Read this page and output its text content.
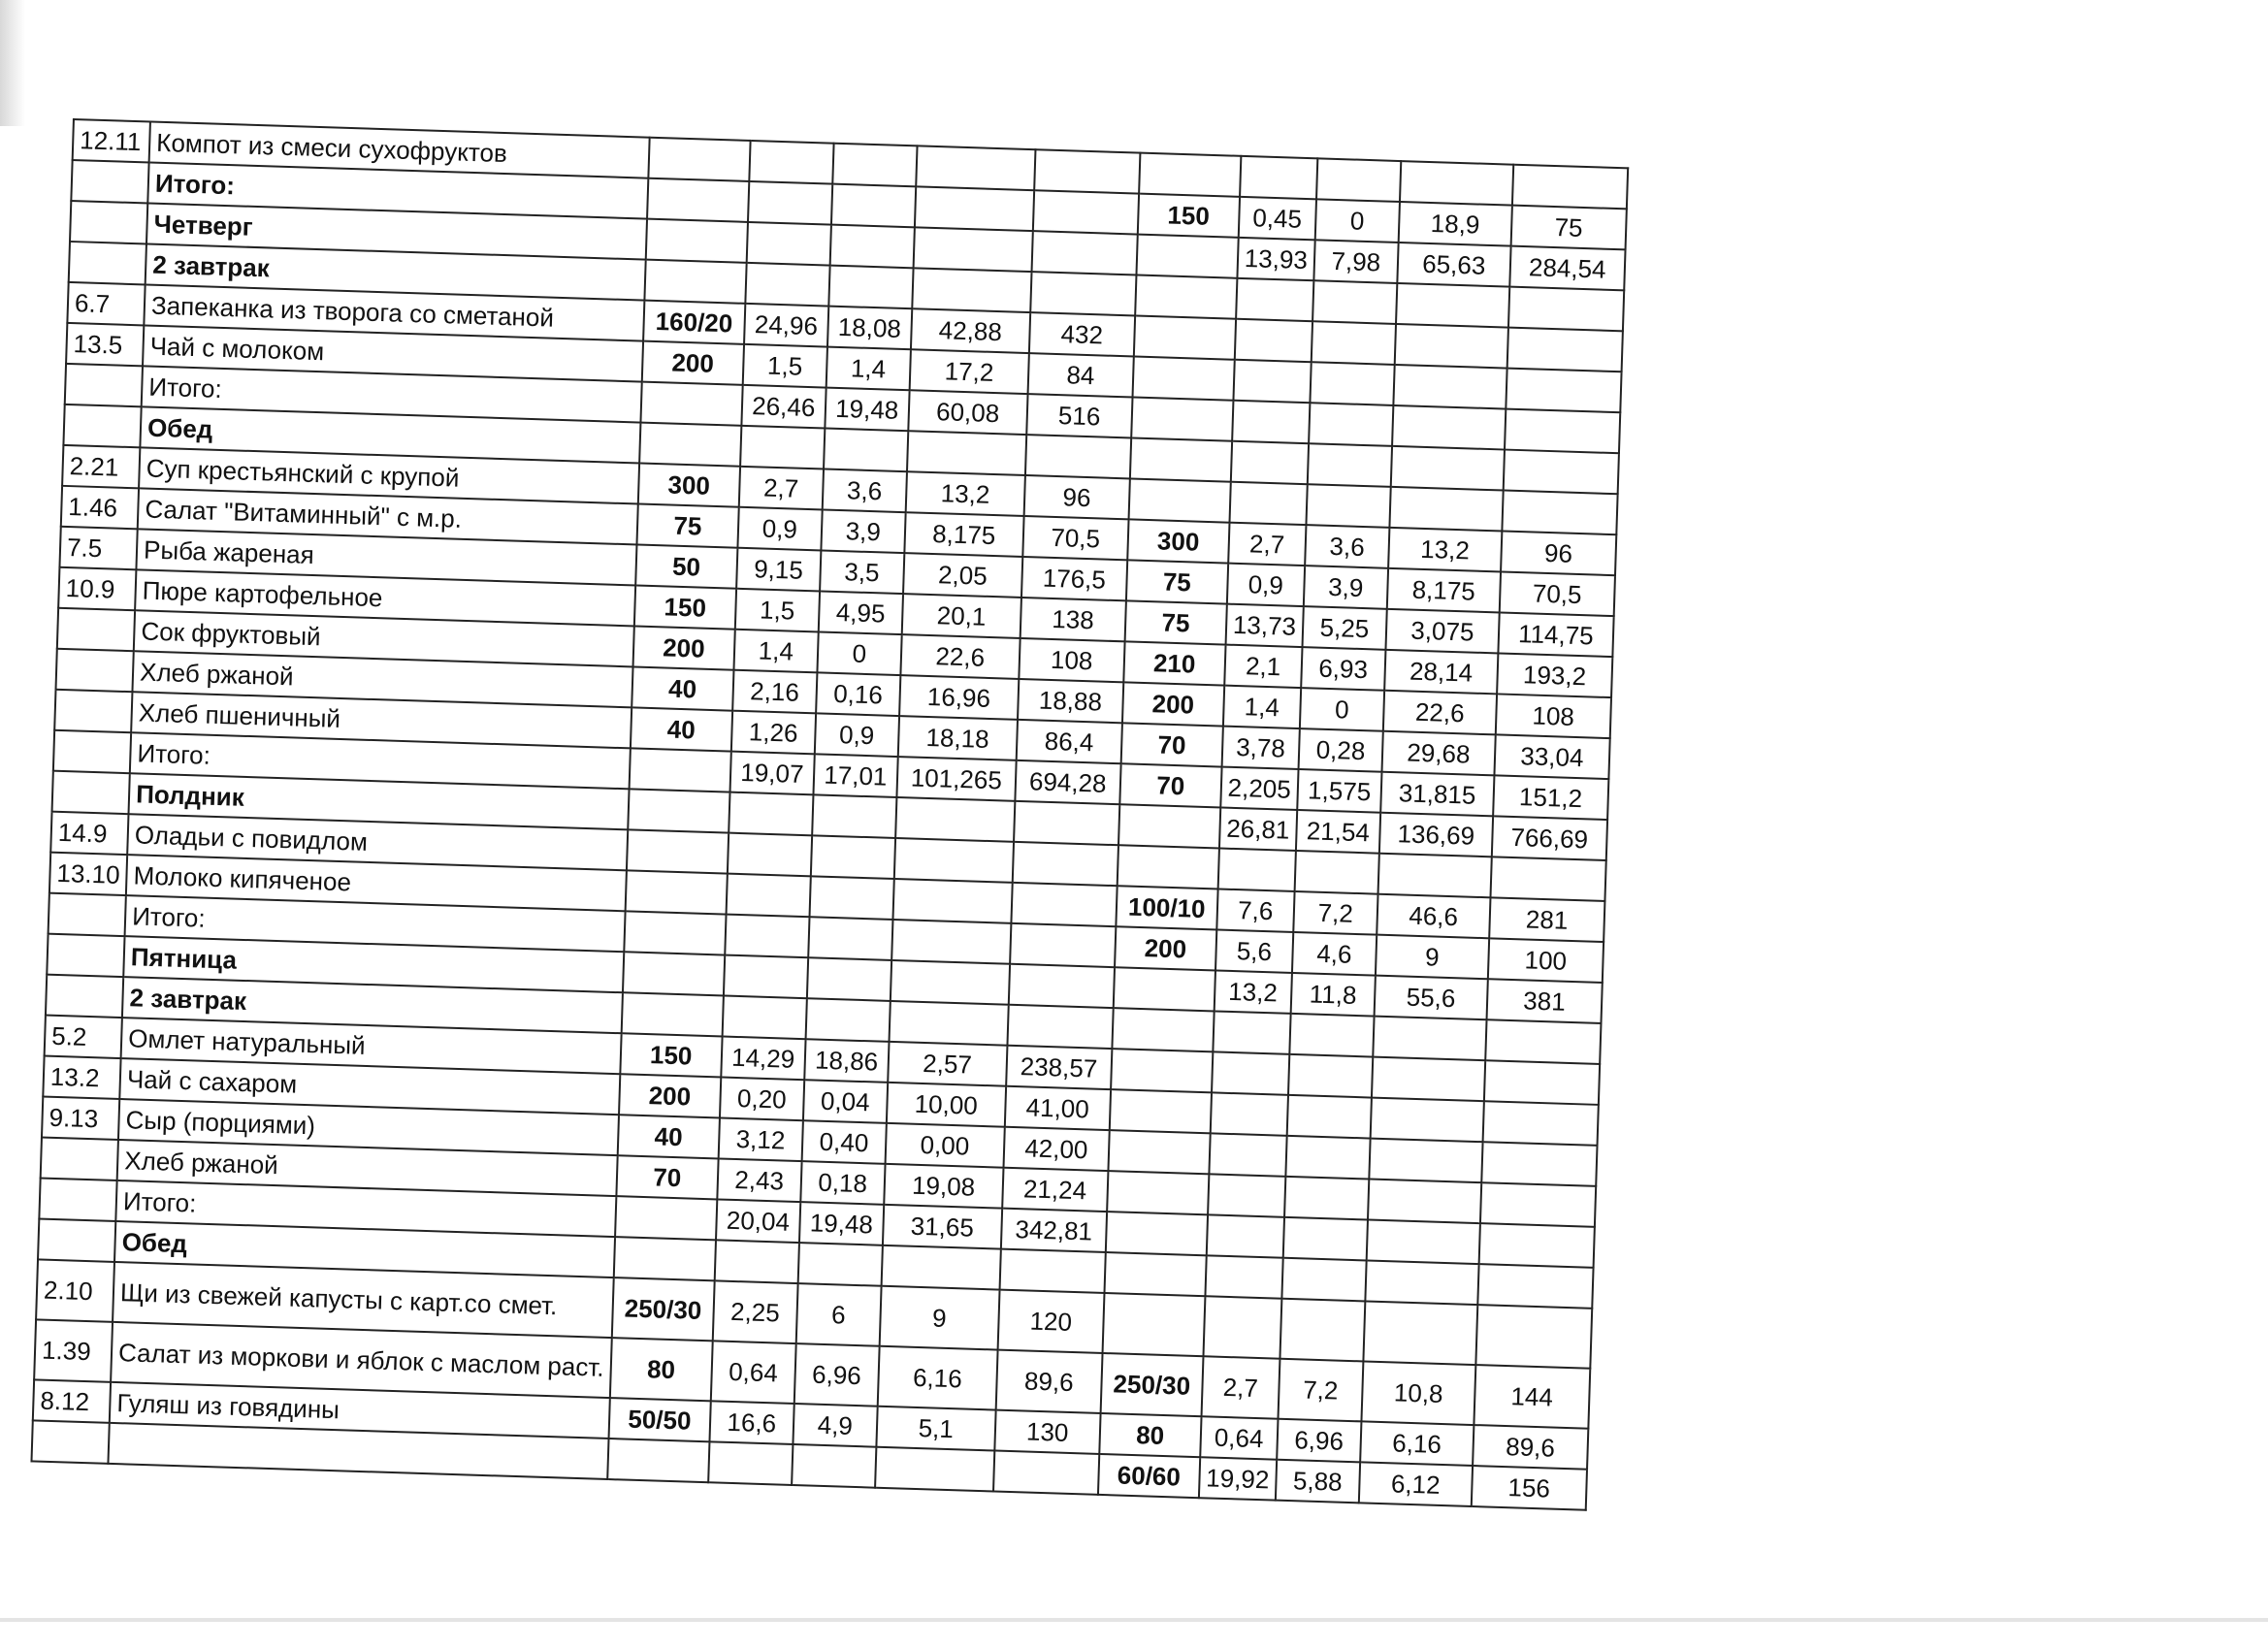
12.11	Компот из смеси сухофруктов										
	Итого:						150	0,45	0	18,9	75
	Четверг							13,93	7,98	65,63	284,54
	2 завтрак										
6.7	Запеканка из творога со сметаной	160/20	24,96	18,08	42,88	432					
13.5	Чай с молоком	200	1,5	1,4	17,2	84					
	Итого:		26,46	19,48	60,08	516					
	Обед										
2.21	Суп крестьянский с крупой	300	2,7	3,6	13,2	96					
1.46	Салат "Витаминный" с м.р.	75	0,9	3,9	8,175	70,5	300	2,7	3,6	13,2	96
7.5	Рыба жареная	50	9,15	3,5	2,05	176,5	75	0,9	3,9	8,175	70,5
10.9	Пюре картофельное	150	1,5	4,95	20,1	138	75	13,73	5,25	3,075	114,75
	Сок фруктовый	200	1,4	0	22,6	108	210	2,1	6,93	28,14	193,2
	Хлеб ржаной	40	2,16	0,16	16,96	18,88	200	1,4	0	22,6	108
	Хлеб пшеничный	40	1,26	0,9	18,18	86,4	70	3,78	0,28	29,68	33,04
	Итого:		19,07	17,01	101,265	694,28	70	2,205	1,575	31,815	151,2
	Полдник							26,81	21,54	136,69	766,69
14.9	Оладьи с повидлом										
13.10	Молоко кипяченое						100/10	7,6	7,2	46,6	281
	Итого:						200	5,6	4,6	9	100
	Пятница							13,2	11,8	55,6	381
	2 завтрак										
5.2	Омлет натуральный	150	14,29	18,86	2,57	238,57					
13.2	Чай с сахаром	200	0,20	0,04	10,00	41,00					
9.13	Сыр (порциями)	40	3,12	0,40	0,00	42,00					
	Хлеб ржаной	70	2,43	0,18	19,08	21,24					
	Итого:		20,04	19,48	31,65	342,81					
	Обед										
2.10	Щи из свежей капусты с карт.со смет.	250/30	2,25	6	9	120					
1.39	Салат из моркови и яблок с маслом раст.	80	0,64	6,96	6,16	89,6	250/30	2,7	7,2	10,8	144
8.12	Гуляш из говядины	50/50	16,6	4,9	5,1	130	80	0,64	6,96	6,16	89,6
							60/60	19,92	5,88	6,12	156
